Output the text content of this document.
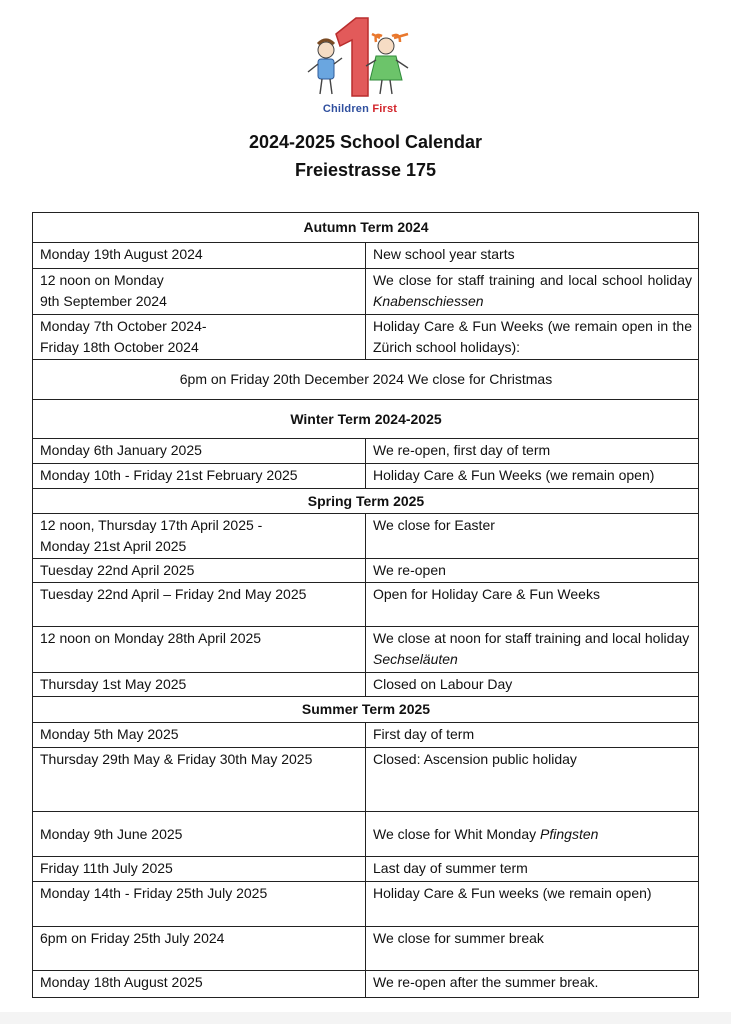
Children First
2024-2025 School Calendar
Freiestrasse 175
Autumn Term 2024	
Monday 19th August 2024	New school year starts
12 noon on Monday
9th September 2024	We close for staff training and local school holiday Knabenschiessen
Monday 7th October 2024-
Friday 18th October 2024	Holiday Care & Fun Weeks (we remain open in the Zürich school holidays):
6pm on Friday 20th December 2024 We close for Christmas	
Winter Term 2024-2025	
Monday 6th January 2025	We re-open, first day of term
Monday 10th - Friday 21st February 2025	Holiday Care & Fun Weeks (we remain open)
Spring Term 2025	
12 noon, Thursday 17th April 2025 -
Monday 21st April 2025	We close for Easter
Tuesday 22nd April 2025	We re-open
Tuesday 22nd April – Friday 2nd May 2025	Open for Holiday Care & Fun Weeks
12 noon on Monday 28th April 2025	We close at noon for staff training and local holiday Sechseläuten
Thursday 1st May 2025	Closed on Labour Day
Summer Term 2025	
Monday 5th May 2025	First day of term
Thursday 29th May & Friday 30th May 2025	Closed: Ascension public holiday
Monday 9th June 2025	We close for Whit Monday Pfingsten
Friday 11th July 2025	Last day of summer term
Monday 14th - Friday 25th July 2025	Holiday Care & Fun weeks (we remain open)
6pm on Friday 25th July 2024	We close for summer break
Monday 18th August 2025	We re-open after the summer break.
